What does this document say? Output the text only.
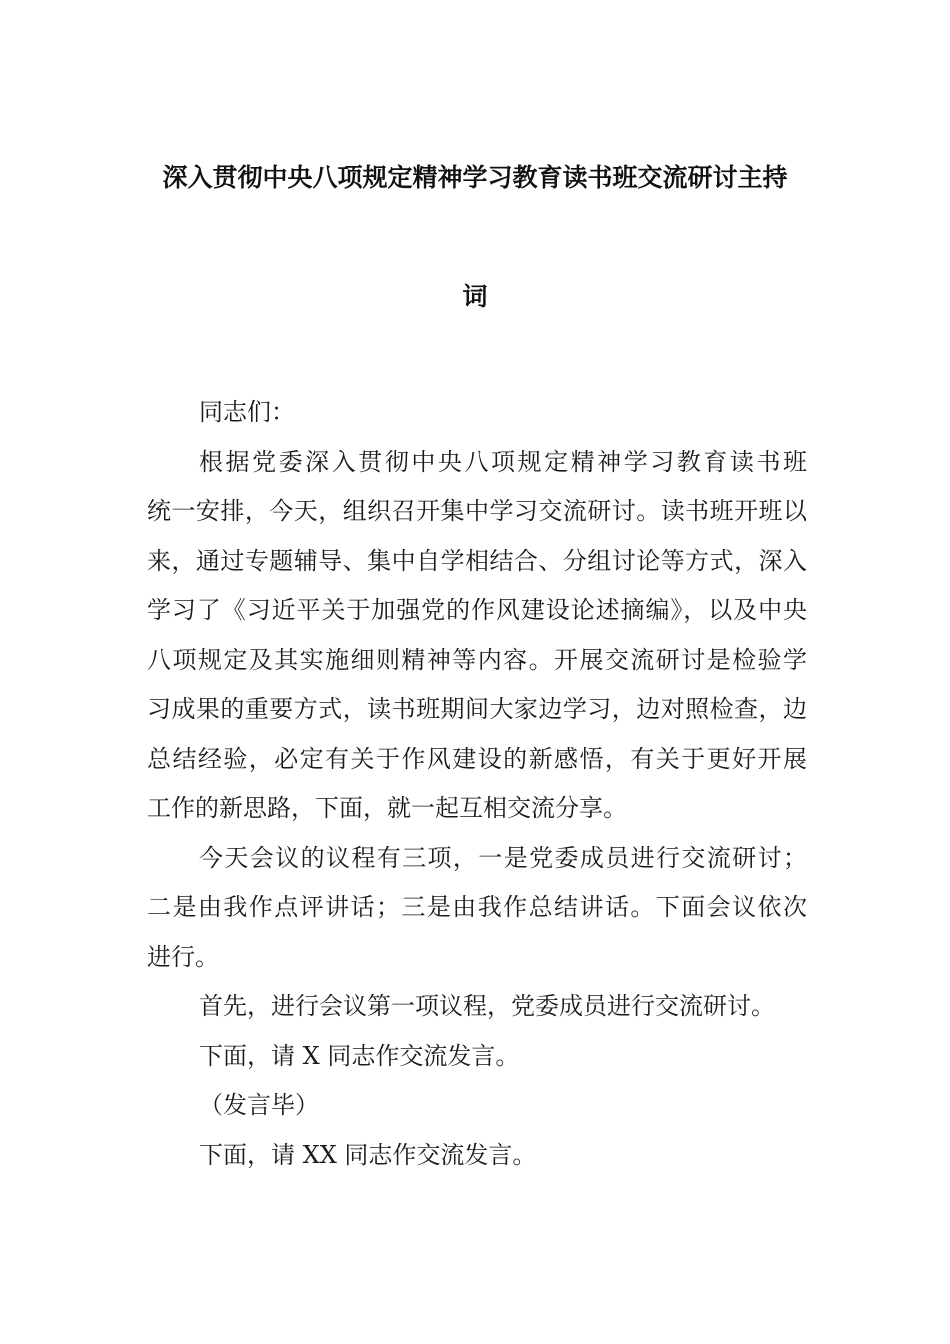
深入贯彻中央八项规定精神学习教育读书班交流研讨主持
词

同志们：

根据党委深入贯彻中央八项规定精神学习教育读书班
统一安排，今天，组织召开集中学习交流研讨。读书班开班以
来，通过专题辅导、集中自学相结合、分组讨论等方式，深入
学习了《习近平关于加强党的作风建设论述摘编》，以及中央
八项规定及其实施细则精神等内容。开展交流研讨是检验学
习成果的重要方式，读书班期间大家边学习，边对照检查，边
总结经验，必定有关于作风建设的新感悟，有关于更好开展
工作的新思路，下面，就一起互相交流分享。

今天会议的议程有三项，一是党委成员进行交流研讨；
二是由我作点评讲话；三是由我作总结讲话。下面会议依次
进行。

首先，进行会议第一项议程，党委成员进行交流研讨。

下面，请 X 同志作交流发言。

（发言毕）

下面，请 XX 同志作交流发言。
